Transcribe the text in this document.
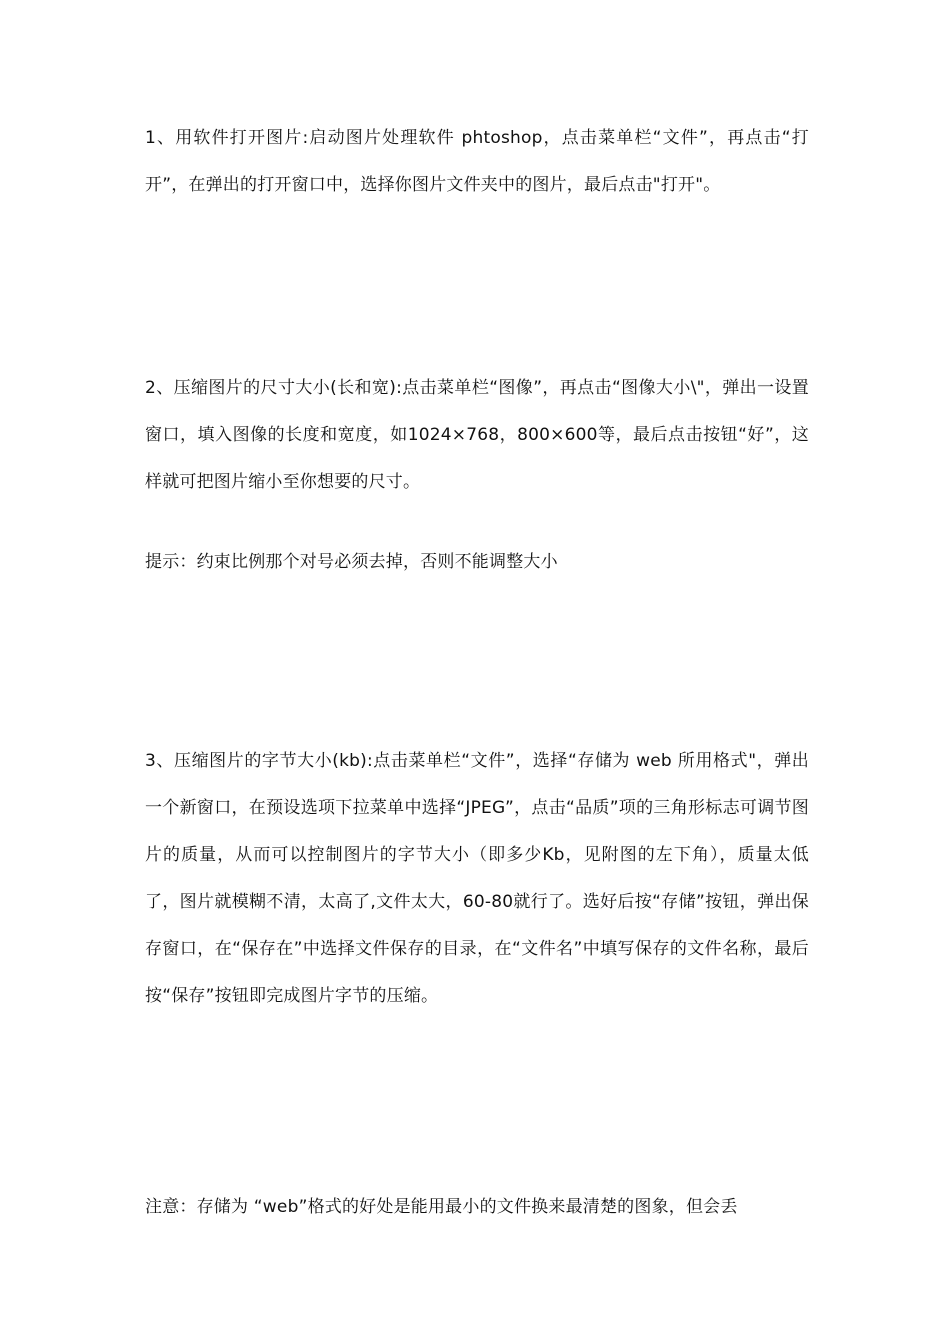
1、用软件打开图片:启动图片处理软件 phtoshop，点击菜单栏“文件”，再点击“打开”，在弹出的打开窗口中，选择你图片文件夹中的图片，最后点击"打开"。

2、压缩图片的尺寸大小(长和宽):点击菜单栏“图像”，再点击“图像大小\"，弹出一设置窗口，填入图像的长度和宽度，如1024×768，800×600等，最后点击按钮“好”，这样就可把图片缩小至你想要的尺寸。

提示：约束比例那个对号必须去掉，否则不能调整大小

3、压缩图片的字节大小(kb):点击菜单栏“文件”，选择“存储为 web 所用格式"，弹出一个新窗口，在预设选项下拉菜单中选择“JPEG”，点击“品质”项的三角形标志可调节图片的质量，从而可以控制图片的字节大小（即多少Kb，见附图的左下角），质量太低了，图片就模糊不清，太高了,文件太大，60-80就行了。选好后按“存储”按钮，弹出保存窗口，在“保存在”中选择文件保存的目录，在“文件名”中填写保存的文件名称，最后按“保存”按钮即完成图片字节的压缩。

注意：存储为 “web”格式的好处是能用最小的文件换来最清楚的图象，但会丢
